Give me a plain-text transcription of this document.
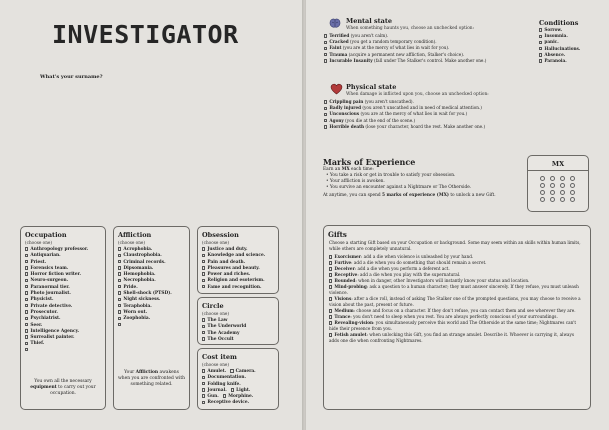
INVESTIGATOR
What's your surname?
Occupation
(choose one)
Anthropology professor.
Antiquarian.
Priest.
Forensics team.
Horror fiction writer.
Neuro-surgeon.
Paranormal tier.
Photo journalist.
Physicist.
Private detective.
Prosecutor.
Psychiatrist.
Seer.
Intelligence Agency.
Surrealist painter.
Thief.
You own all the necessary equipment to carry out your occupation.
Affliction
(choose one)
Acrophobia.
Claustrophobia.
Criminal records.
Dipsomania.
Hemophobia.
Necrophobia.
Pride.
Shell-shock (PTSD).
Night sickness.
Teraphobia.
Worn out.
Zoophobia.
Your Affliction awakens when you are confronted with something related.
Obsession
(choose one)
Justice and duty.
Knowledge and science.
Pain and death.
Pleasures and beauty.
Power and riches.
Religion and esoterism.
Fame and recognition.
Circle
(choose one)
The Law
The Underworld
The Academy
The Occult
Cost item
(choose one)
Amulet. Camera.
Documentation.
Folding knife.
Journal. Light.
Gun. Morphine.
Receptive device.
Mental state
When something haunts you, choose an unchecked option:
Terrified (you aren't calm).
Cracked (you get a random temporary condition).
Faint (you are at the mercy of what lies in wait for you).
Trauma (acquire a permanent new affliction, Stalker's choice).
Incurable Insanity (fall under The Stalker's control. Make another one.)
Conditions
Sorrow.
Insomnia.
panic.
Hallucinations.
Absence.
Paranoia.
Physical state
When damage is inflicted upon you, choose an unchecked option:
Crippling pain (you aren't unscathed).
Badly injured (you aren't unscathed and in need of medical attention.)
Unconscious (you are at the mercy of what lies in wait for you.)
Agony (you die at the end of the scene.)
Horrible death (lose your character, hoard the rest. Make another one.)
Marks of Experience
Earn an MX each time:
• You take a risk or get in trouble to satisfy your obsession.
• Your affliction is awoken.
• You survive an encounter against a Nightmare or The Otherside.
At anytime, you can spend 5 marks of experience (MX) to unlock a new Gift.
MX
Gifts
Choose a starting Gift based on your Occupation or background. Some may seem within an skills within human limits, while others are completely unnatural.
Exorcismer: add a die when violence is unleashed by your hand.
Furtive: add a die when you do something that should remain a secret.
Deceiver: add a die when you perform a deferent act.
Receptive: add a die when you play with the supernatural.
Bounded: when in danger, other Investigators will instantly know your status and location.
Mind-probing: ask a question to a human character; they must answer sincerely. If they refuse, you must unleash violence.
Visions: after a dice roll, instead of asking The Stalker one of the prompted questions, you may choose to receive a vision about the past, present or future.
Medium: choose and focus on a character. If they don't refuse, you can contact them and see wherever they are.
Trance: you don't need to sleep when you rest. You are always perfectly conscious of your surroundings.
Revealing-vision: you simultaneously perceive this world and The Otherside at the same time; Nightmares can't hide their presence from you.
Fetish amulet: when unlocking this Gift, you find an strange amulet. Describe it. Whoever is carrying it, always adds one die when confronting Nightmares.
